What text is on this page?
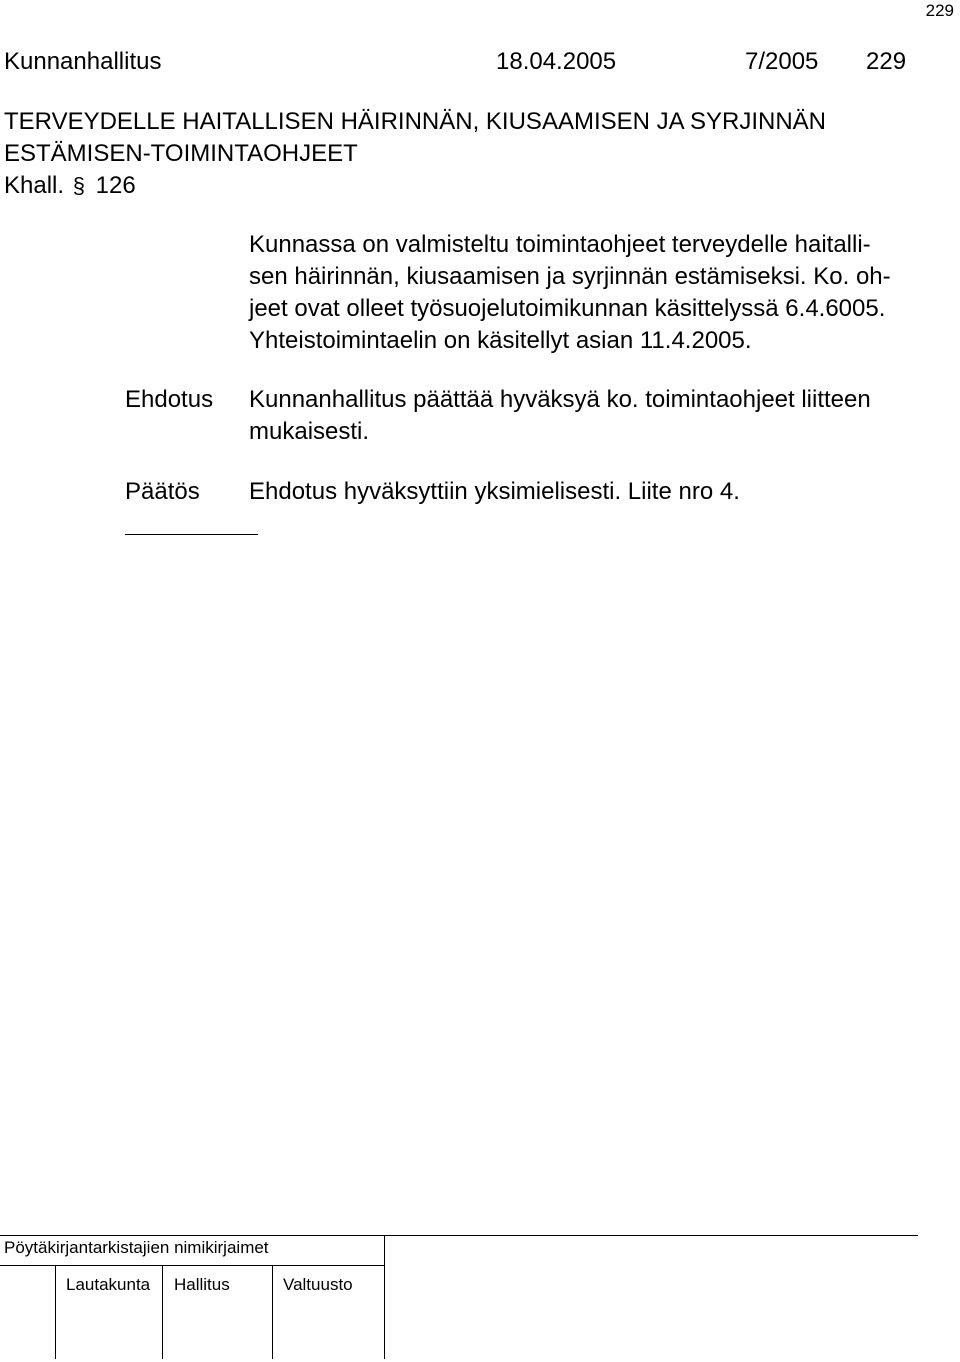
229
Kunnanhallitus	18.04.2005	7/2005 229
TERVEYDELLE HAITALLISEN HÄIRINNÄN, KIUSAAMISEN JA SYRJINNÄN
ESTÄMISEN-TOIMINTAOHJEET
Khall. § 126
Kunnassa on valmisteltu toimintaohjeet terveydelle haitalli-
sen häirinnän, kiusaamisen ja syrjinnän estämiseksi. Ko. oh-
jeet ovat olleet työsuojelutoimikunnan käsittelyssä 6.4.6005.
Yhteistoimintaelin on käsitellyt asian 11.4.2005.
Ehdotus Kunnanhallitus päättää hyväksyä ko. toimintaohjeet liitteen
mukaisesti.
Päätös Ehdotus hyväksyttiin yksimielisesti. Liite nro 4.
Pöytäkirjantarkistajien nimikirjaimet
Lautakunta Hallitus	Valtuusto
